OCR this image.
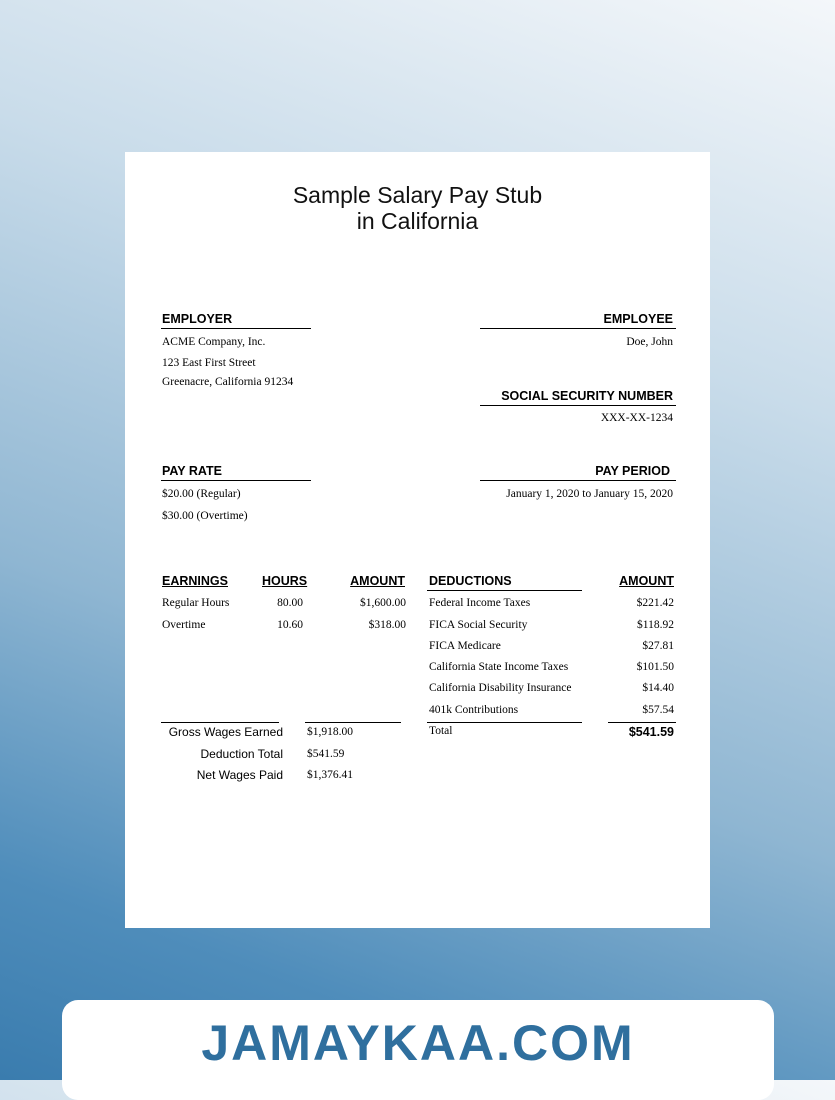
Sample Salary Pay Stub
in California
EMPLOYER
ACME Company, Inc.
123 East First Street
Greenacre, California 91234
EMPLOYEE
Doe, John
SOCIAL SECURITY NUMBER
XXX-XX-1234
PAY RATE
$20.00 (Regular)
$30.00 (Overtime)
PAY PERIOD
January 1, 2020 to January 15, 2020
EARNINGS	HOURS	AMOUNT
Regular Hours	80.00	$1,600.00
Overtime	10.60	$318.00
DEDUCTIONS	AMOUNT
Federal Income Taxes	$221.42
FICA Social Security	$118.92
FICA Medicare	$27.81
California State Income Taxes	$101.50
California Disability Insurance	$14.40
401k Contributions	$57.54
Total	$541.59
Gross Wages Earned $1,918.00
Deduction Total $541.59
Net Wages Paid $1,376.41
JAMAYKAA.COM
